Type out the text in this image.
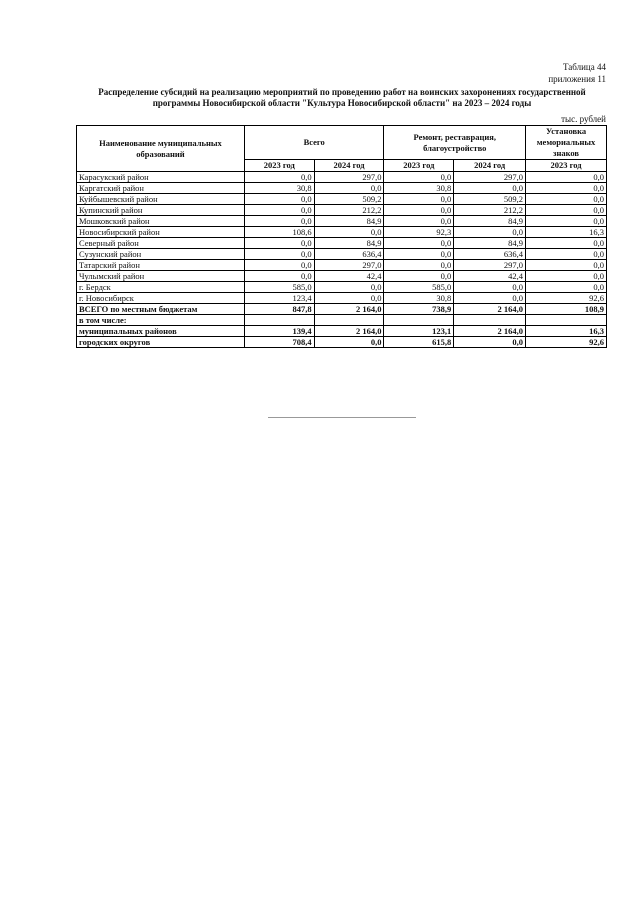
Таблица 44
приложения 11
Распределение субсидий на реализацию мероприятий по проведению работ на воинских захоронениях государственной
программы Новосибирской области "Культура Новосибирской области" на 2023 – 2024 годы
тыс. рублей
Наименование муниципальных образований	Всего		Ремонт, реставрация, благоустройство		Установка мемориальных знаков
	2023 год	2024 год	2023 год	2024 год	2023 год
Карасукский район	0,0	297,0	0,0	297,0	0,0
Каргатский район	30,8	0,0	30,8	0,0	0,0
Куйбышевский район	0,0	509,2	0,0	509,2	0,0
Купинский район	0,0	212,2	0,0	212,2	0,0
Мошковский район	0,0	84,9	0,0	84,9	0,0
Новосибирский район	108,6	0,0	92,3	0,0	16,3
Северный район	0,0	84,9	0,0	84,9	0,0
Сузунский район	0,0	636,4	0,0	636,4	0,0
Татарский район	0,0	297,0	0,0	297,0	0,0
Чулымский район	0,0	42,4	0,0	42,4	0,0
г. Бердск	585,0	0,0	585,0	0,0	0,0
г. Новосибирск	123,4	0,0	30,8	0,0	92,6
ВСЕГО по местным бюджетам	847,8	2 164,0	738,9	2 164,0	108,9
в том числе:					
муниципальных районов	139,4	2 164,0	123,1	2 164,0	16,3
городских округов	708,4	0,0	615,8	0,0	92,6
